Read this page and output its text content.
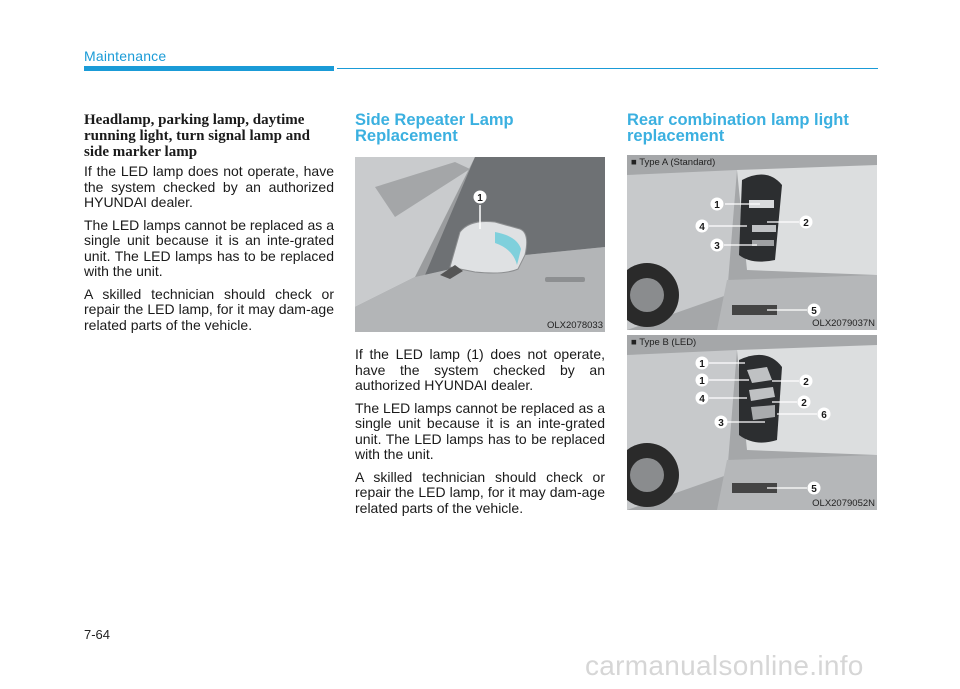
Maintenance
Headlamp, parking lamp, daytime running light, turn signal lamp and side marker lamp

If the LED lamp does not operate, have the system checked by an authorized HYUNDAI dealer.

The LED lamps cannot be replaced as a single unit because it is an inte-grated unit. The LED lamps has to be replaced with the unit.

A skilled technician should check or repair the LED lamp, for it may dam-age related parts of the vehicle.

Side Repeater Lamp
Replacement
1
OLX2078033

If the LED lamp (1) does not operate, have the system checked by an authorized HYUNDAI dealer.

The LED lamps cannot be replaced as a single unit because it is an inte-grated unit. The LED lamps has to be replaced with the unit.

A skilled technician should check or repair the LED lamp, for it may dam-age related parts of the vehicle.

Rear combination lamp light
replacement
1
4
3
2
5
■ Type A (Standard)
OLX2079037N
1
1
4
3
2
2
6
5
■ Type B (LED)
OLX2079052N
7-64
carmanualsonline.info
